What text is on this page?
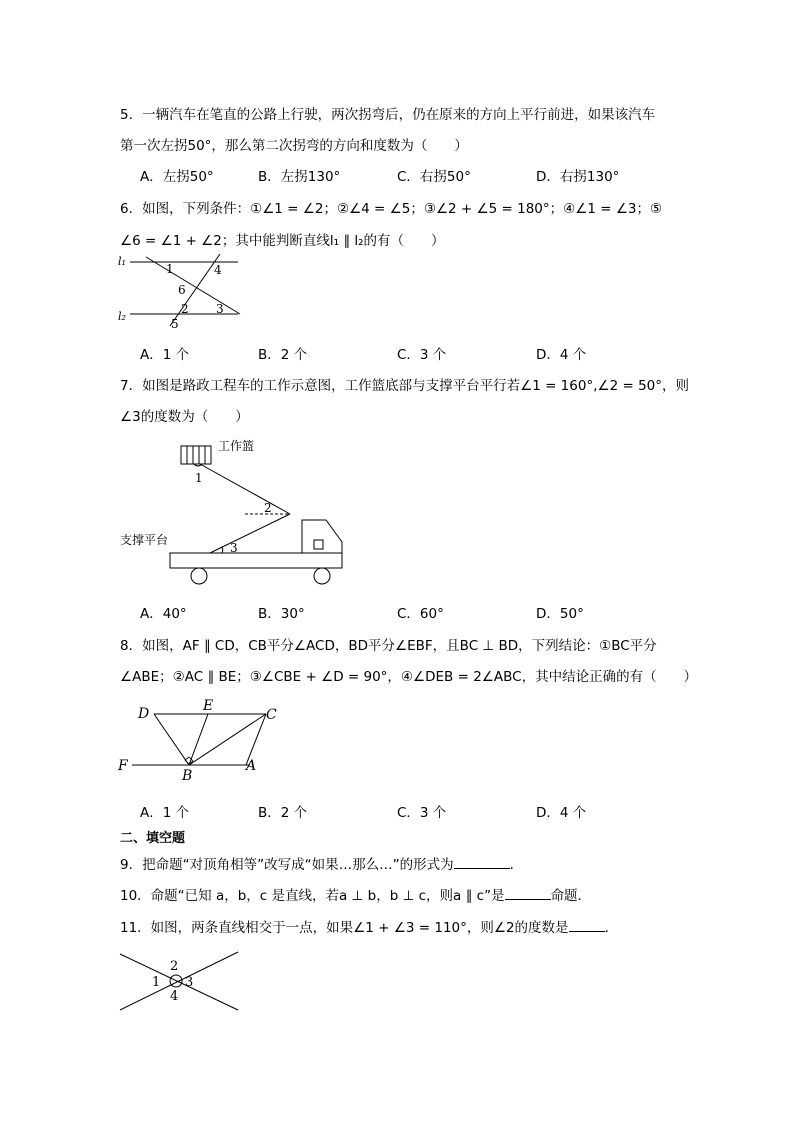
5．一辆汽车在笔直的公路上行驶，两次拐弯后，仍在原来的方向上平行前进，如果该汽车
第一次左拐50°，那么第二次拐弯的方向和度数为（　　）
A．左拐50°	B．左拐130°	C．右拐50°	D．右拐130°
6．如图，下列条件：①∠1 = ∠2；②∠4 = ∠5；③∠2 + ∠5 = 180°；④∠1 = ∠3；⑤
∠6 = ∠1 + ∠2；其中能判断直线l₁ ∥ l₂的有（　　）
l₁
l₂
1	4
6
2 3
5
A．1 个	B．2 个	C．3 个	D．4 个
7．如图是路政工程车的工作示意图，工作篮底部与支撑平台平行若∠1 = 160°,∠2 = 50°，则
∠3的度数为（　　）
工作篮
1
2
支撑平台
3
A．40°	B．30°	C．60°	D．50°
8．如图，AF ∥ CD，CB平分∠ACD，BD平分∠EBF，且BC ⊥ BD，下列结论：①BC平分
∠ABE；②AC ∥ BE；③∠CBE + ∠D = 90°，④∠DEB = 2∠ABC，其中结论正确的有（　　）
D	E
C
F
B
A
A．1 个	B．2 个	C．3 个	D．4 个
二、填空题
9．把命题“对顶角相等”改写成“如果…那么…”的形式为	．
10．命题“已知 a，b，c 是直线，若a ⊥ b，b ⊥ c，则a ∥ c”是	命题．
11．如图，两条直线相交于一点，如果∠1 + ∠3 = 110°，则∠2的度数是	．
2
1 3
4
